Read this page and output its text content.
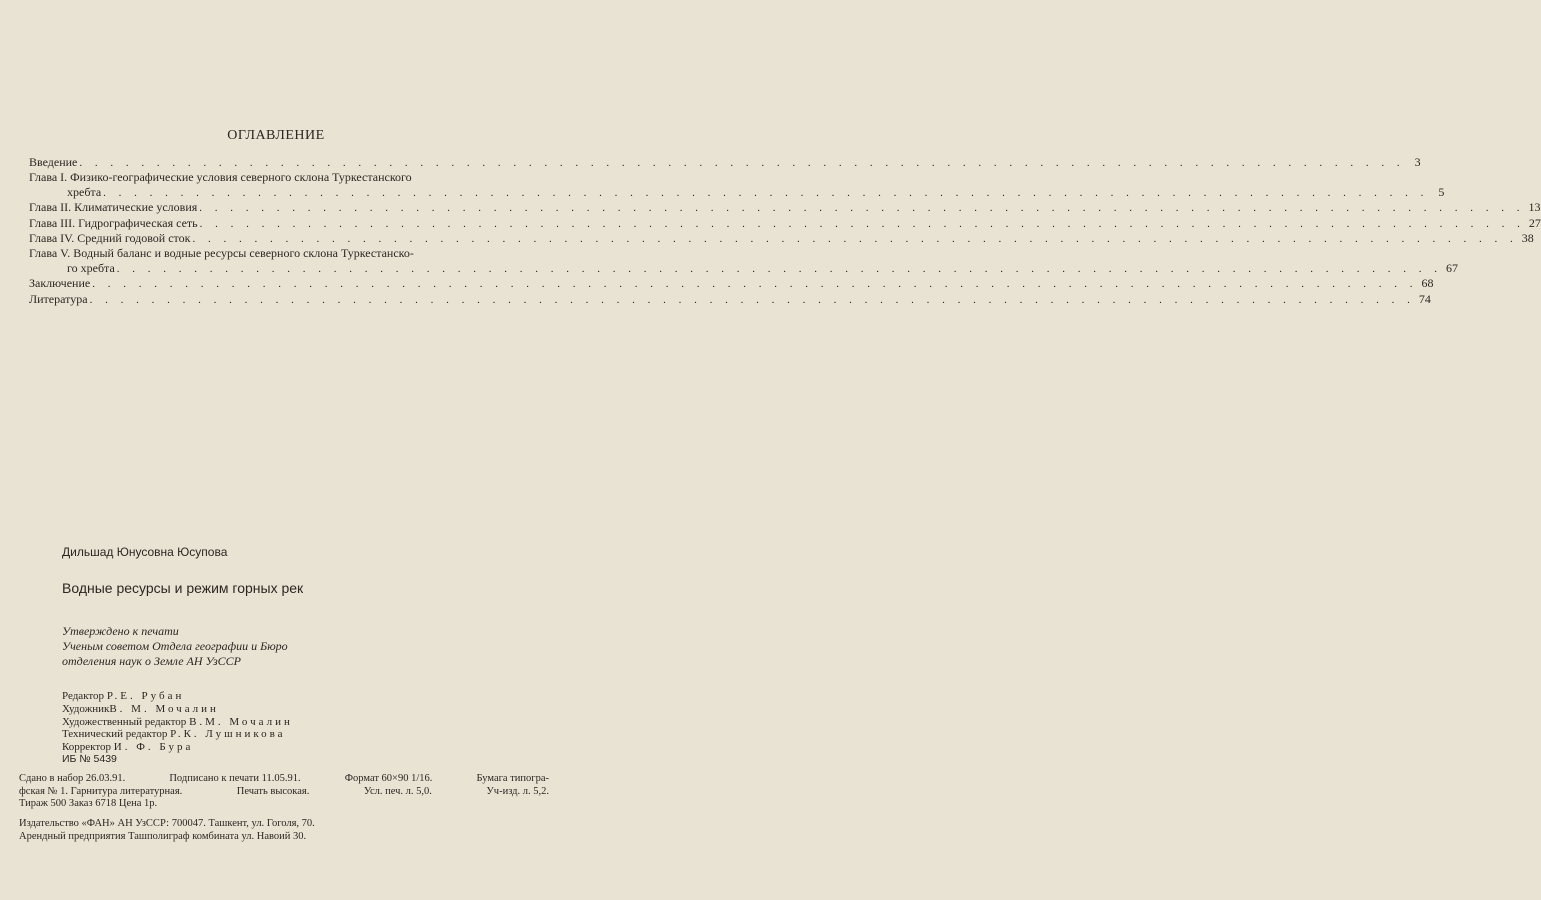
ОГЛАВЛЕНИЕ
Введение . . . . . . . . . . . . . . . . . . . . . . . . . . . . . . . . . . . . . . . . . . . . . . . . . . . . . . . . . . . . . . . . . . . . . . . . . . . . . . . . . . . . . . 3
Глава I. Физико-географические условия северного склона Туркестанского
хребта . . . . . . . . . . . . . . . . . . . . . . . . . . . . . . . . . . . . . . . . . . . . . . . . . . . . . . . . . . . . . . . . . . . . . . . . . . . . . . . . . . . . . . 5
Глава II. Климатические условия . . . . . . . . . . . . . . . . . . . . . . . . . . . . . . . . . . . . . . . . . . . . . . . . . . . . . . . . . . . . . . . . . . . . . . . . . . . . . . . . . . . . . . 13
Глава III. Гидрографическая сеть . . . . . . . . . . . . . . . . . . . . . . . . . . . . . . . . . . . . . . . . . . . . . . . . . . . . . . . . . . . . . . . . . . . . . . . . . . . . . . . . . . . . . . 27
Глава IV. Средний годовой сток . . . . . . . . . . . . . . . . . . . . . . . . . . . . . . . . . . . . . . . . . . . . . . . . . . . . . . . . . . . . . . . . . . . . . . . . . . . . . . . . . . . . . . 38
Глава V. Водный баланс и водные ресурсы северного склона Туркестанско-
го хребта . . . . . . . . . . . . . . . . . . . . . . . . . . . . . . . . . . . . . . . . . . . . . . . . . . . . . . . . . . . . . . . . . . . . . . . . . . . . . . . . . . . . . . 67
Заключение . . . . . . . . . . . . . . . . . . . . . . . . . . . . . . . . . . . . . . . . . . . . . . . . . . . . . . . . . . . . . . . . . . . . . . . . . . . . . . . . . . . . . . 68
Литература . . . . . . . . . . . . . . . . . . . . . . . . . . . . . . . . . . . . . . . . . . . . . . . . . . . . . . . . . . . . . . . . . . . . . . . . . . . . . . . . . . . . . . 74
Дильшад Юнусовна Юсупова
Водные ресурсы и режим горных рек
Утверждено к печати
Ученым советом Отдела географии и Бюро
отделения наук о Земле АН УзССР
Редактор Р.Е. Рубан
ХудожникВ. М. Мочалин
Художественный редактор В.М. Мочалин
Технический редактор Р.К. Лушникова
Корректор И. Ф. Бура
ИБ № 5439
Сдано в набор 26.03.91.	Подписано к печати 11.05.91.	Формат 60×90 1/16.	Бумага типогра-
фская № 1. Гарнитура литературная.	Печать высокая.	Усл. печ. л. 5,0.	Уч-изд. л. 5,2.
Тираж 500 Заказ 6718 Цена 1р.
Издательство «ФАН» АН УзССР: 700047. Ташкент, ул. Гоголя, 70.
Арендный предприятия Ташполиграф комбината ул. Навоий 30.
